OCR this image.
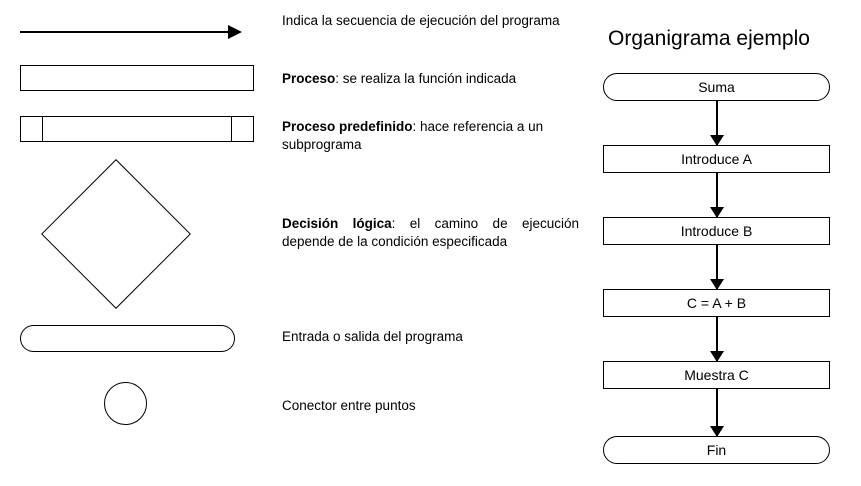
Indica la secuencia de ejecución del programa
Proceso: se realiza la función indicada
Proceso predefinido: hace referencia a un subprograma
Decisión lógica: el camino de ejecución depende de la condición especificada
Entrada o salida del programa
Conector entre puntos
Organigrama ejemplo
Suma
Introduce A
Introduce B
C = A + B
Muestra C
Fin
